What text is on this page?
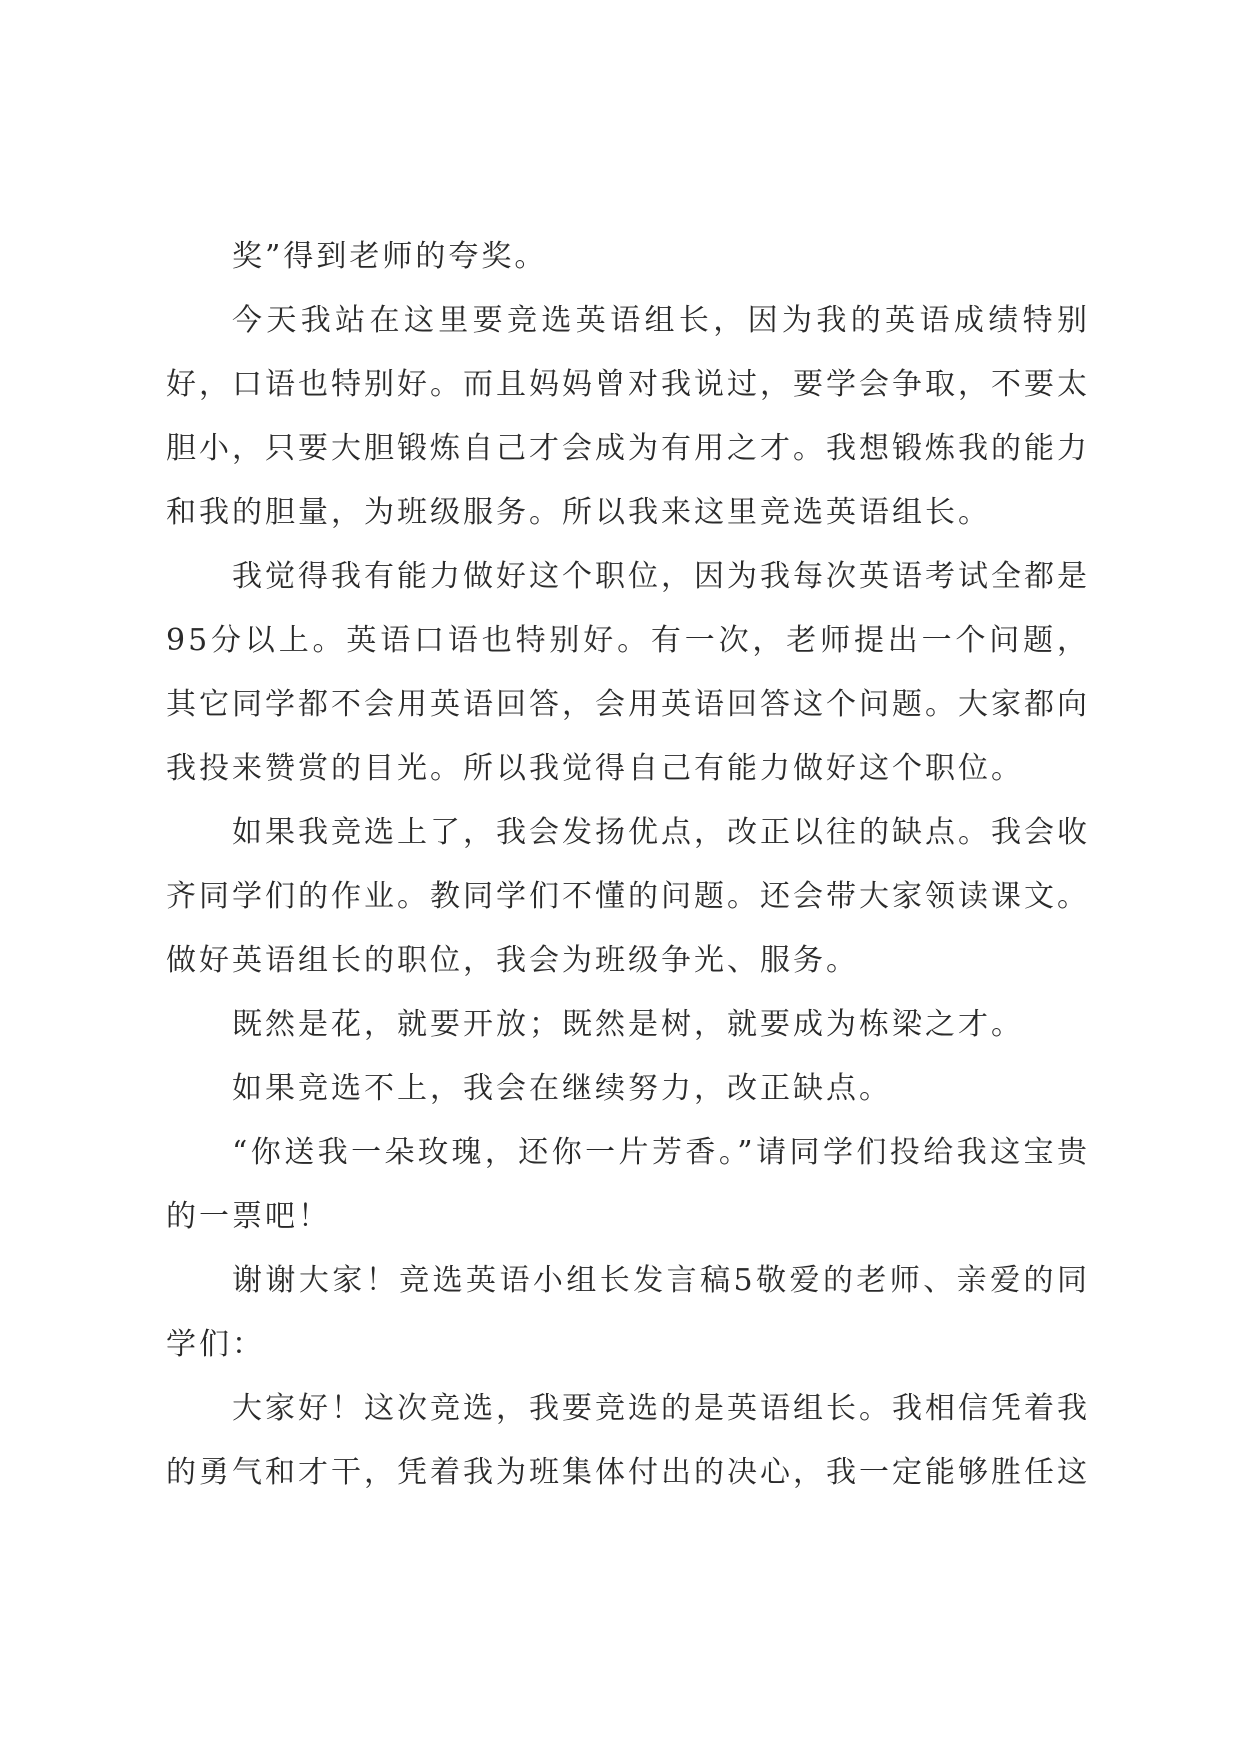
奖”得到老师的夸奖。

今天我站在这里要竞选英语组长，因为我的英语成绩特别好，口语也特别好。而且妈妈曾对我说过，要学会争取，不要太胆小，只要大胆锻炼自己才会成为有用之才。我想锻炼我的能力和我的胆量，为班级服务。所以我来这里竞选英语组长。

我觉得我有能力做好这个职位，因为我每次英语考试全都是95分以上。英语口语也特别好。有一次，老师提出一个问题，其它同学都不会用英语回答，会用英语回答这个问题。大家都向我投来赞赏的目光。所以我觉得自己有能力做好这个职位。

如果我竞选上了，我会发扬优点，改正以往的缺点。我会收齐同学们的作业。教同学们不懂的问题。还会带大家领读课文。做好英语组长的职位，我会为班级争光、服务。

既然是花，就要开放；既然是树，就要成为栋梁之才。

如果竞选不上，我会在继续努力，改正缺点。

“你送我一朵玫瑰，还你一片芳香。”请同学们投给我这宝贵的一票吧！

谢谢大家！竞选英语小组长发言稿5敬爱的老师、亲爱的同学们：

大家好！这次竞选，我要竞选的是英语组长。我相信凭着我的勇气和才干，凭着我为班集体付出的决心，我一定能够胜任这
